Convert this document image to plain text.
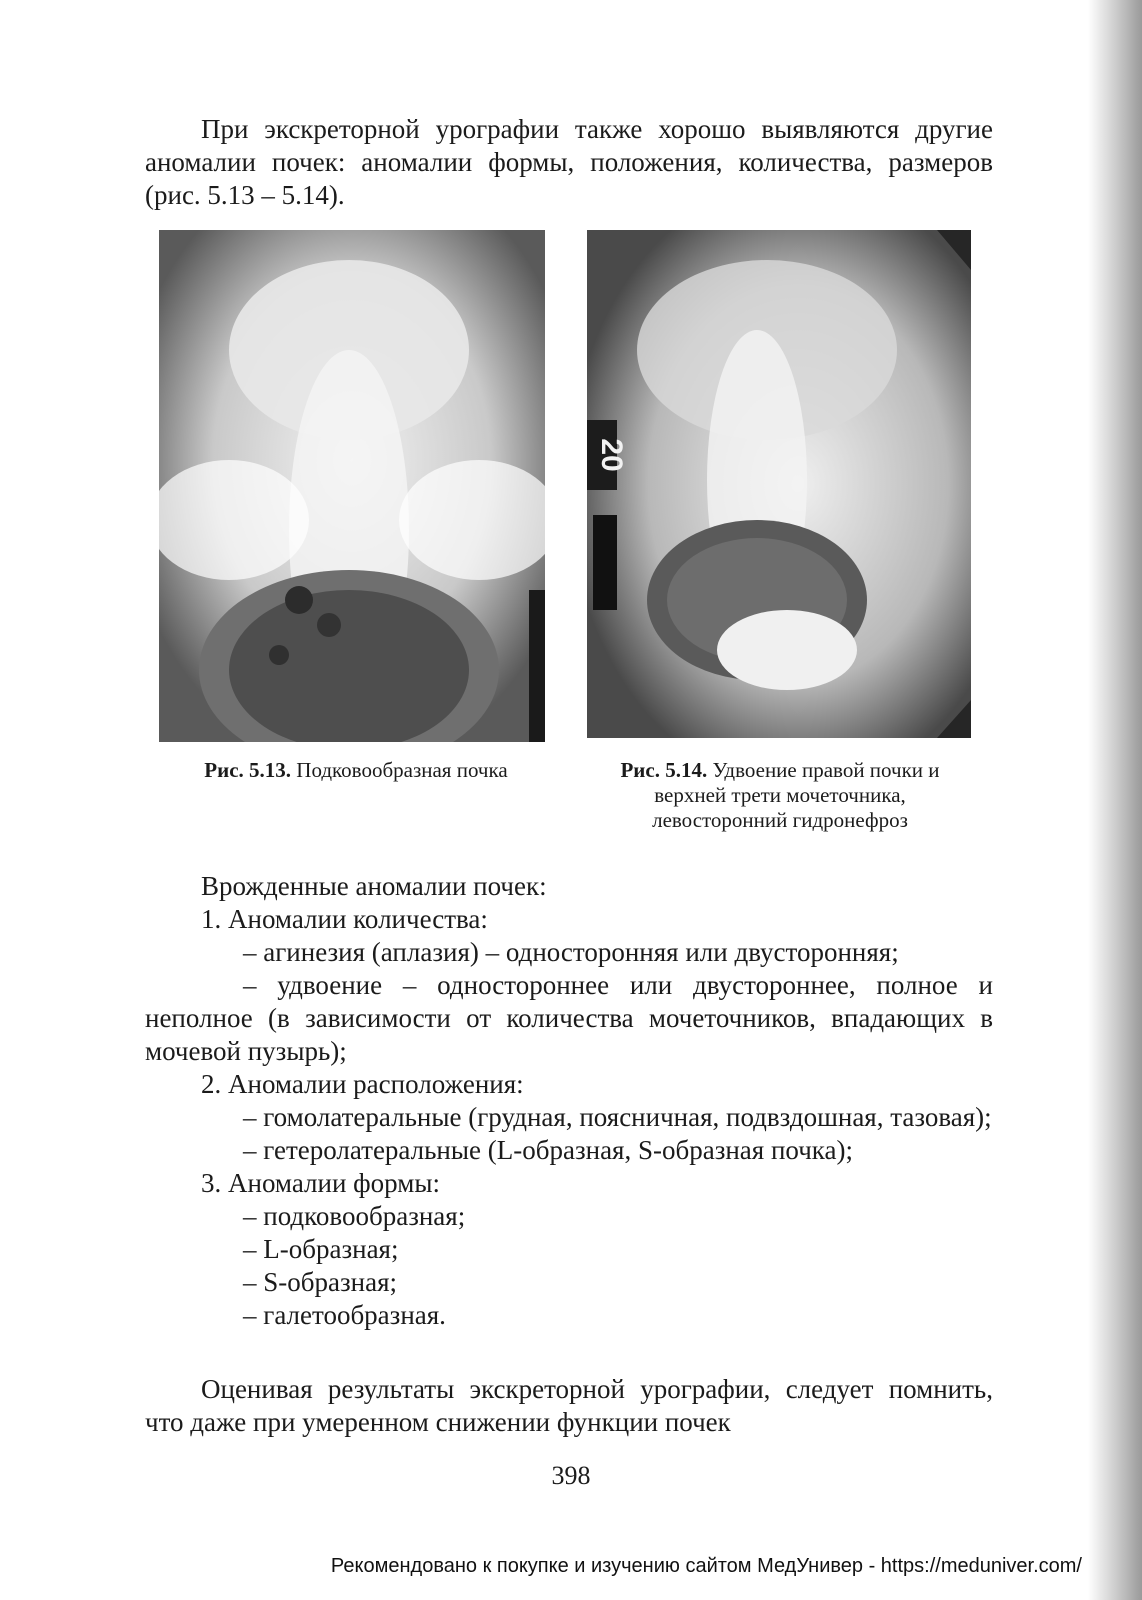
При экскреторной урографии также хорошо выявляются другие аномалии почек: аномалии формы, положения, количества, размеров (рис. 5.13 – 5.14).

20

Рис. 5.13. Подковообразная почка	Рис. 5.14. Удвоение правой почки и верхней трети мочеточника, левосторонний гидронефроз

Врожденные аномалии почек:

1. Аномалии количества:

– агинезия (аплазия) – односторонняя или двусторонняя;

– удвоение – одностороннее или двустороннее, полное и неполное (в зависимости от количества мочеточников, впадающих в мочевой пузырь);

2. Аномалии расположения:

– гомолатеральные (грудная, поясничная, подвздошная, тазовая);

– гетеролатеральные (L-образная, S-образная почка);

3. Аномалии формы:

– подковообразная;

– L-образная;

– S-образная;

– галетообразная.

Оценивая результаты экскреторной урографии, следует помнить, что даже при умеренном снижении функции почек

398
Рекомендовано к покупке и изучению сайтом МедУнивер - https://meduniver.com/
